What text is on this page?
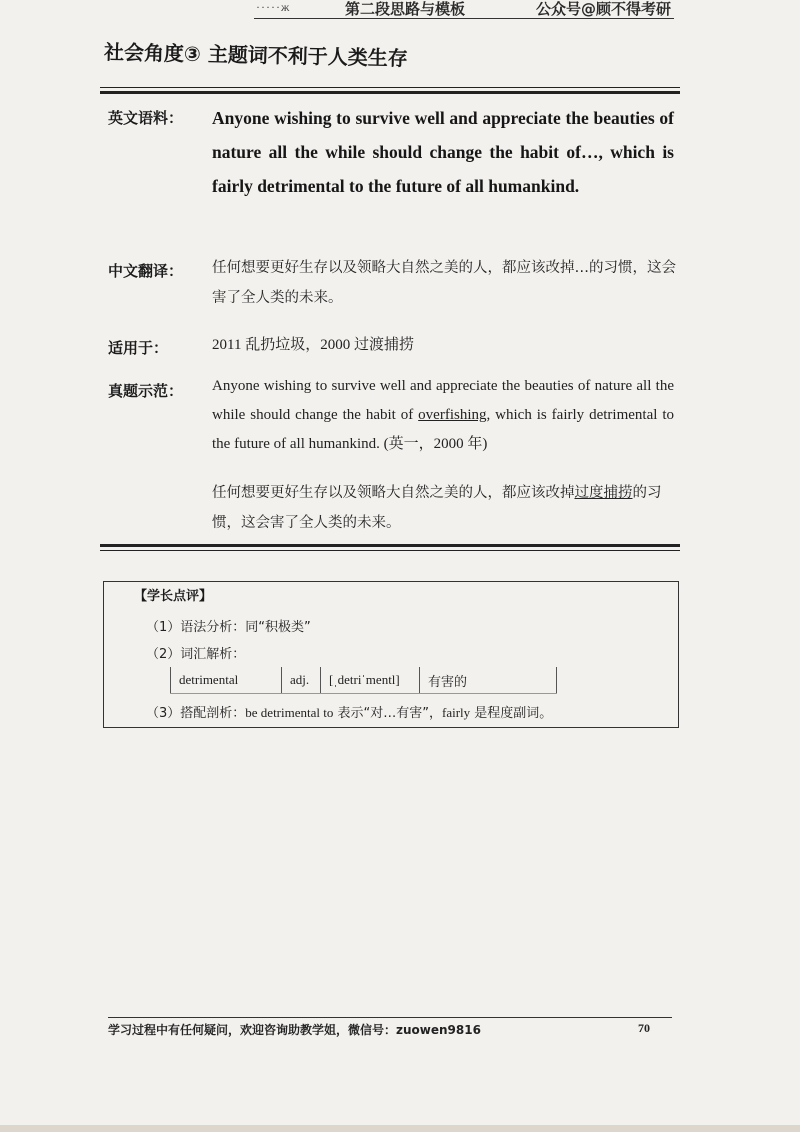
·····ж	第二段思路与模板	公众号@顾不得考研
社会角度③ 主题词不利于人类生存
英文语料： Anyone wishing to survive well and appreciate the beauties of nature all the while should change the habit of…, which is fairly detrimental to the future of all humankind.
中文翻译： 任何想要更好生存以及领略大自然之美的人，都应该改掉…的习惯，这会害了全人类的未来。
适用于：	2011 乱扔垃圾，2000 过渡捕捞
真题示范： Anyone wishing to survive well and appreciate the beauties of nature all the while should change the habit of overfishing, which is fairly detrimental to the future of all humankind. (英一，2000 年)
任何想要更好生存以及领略大自然之美的人，都应该改掉过度捕捞的习惯，这会害了全人类的未来。
【学长点评】
（1）语法分析：同“积极类”
（2）词汇解析：
detrimental	adj.	[ˌdetriˈmentl]	有害的
（3）搭配剖析：be detrimental to 表示“对…有害”，fairly 是程度副词。
学习过程中有任何疑问，欢迎咨询助教学姐，微信号：zuowen9816	70
